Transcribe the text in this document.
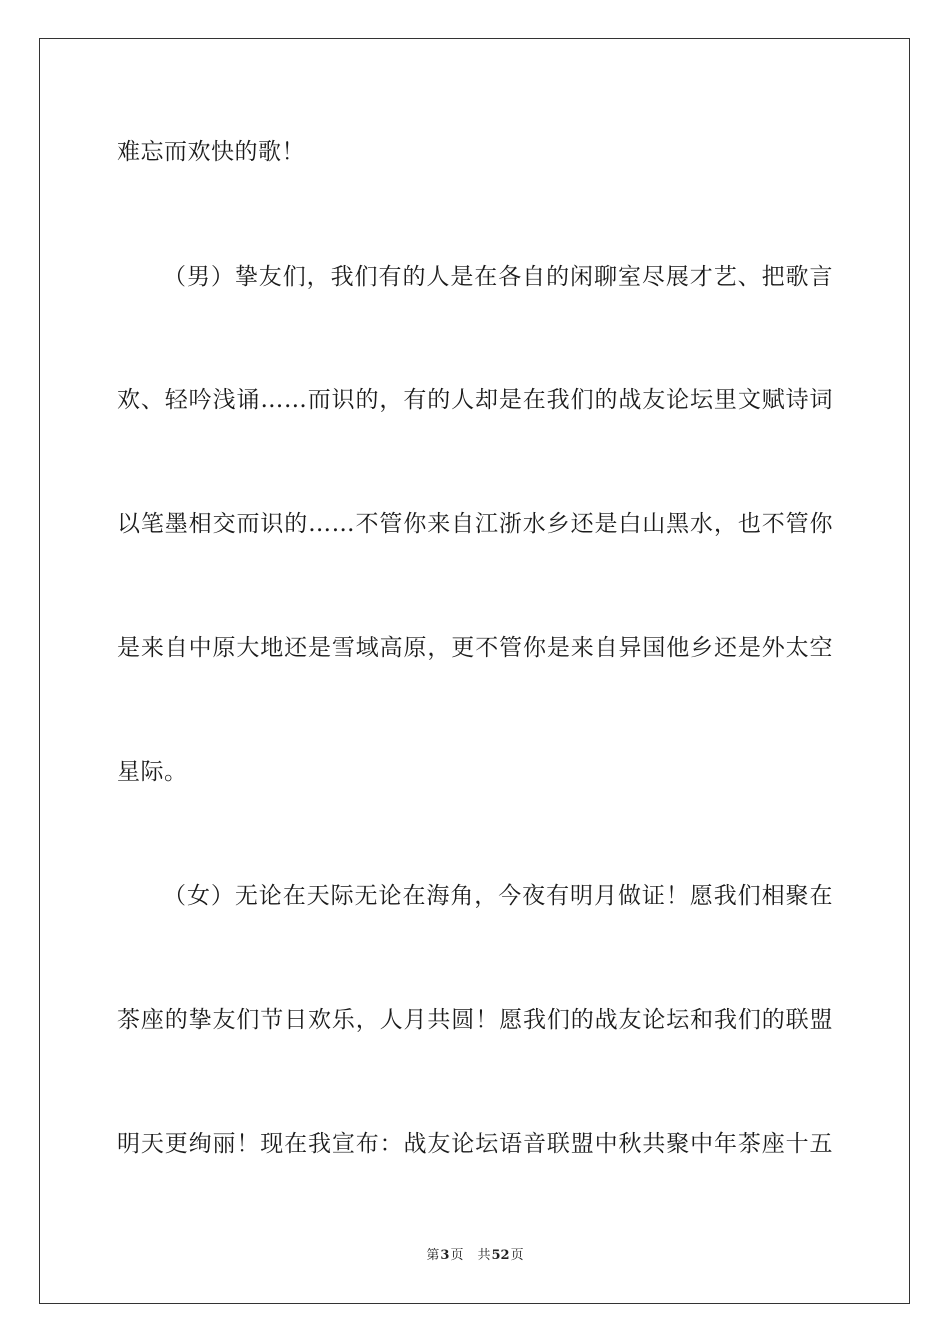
难忘而欢快的歌！
（男）挚友们，我们有的人是在各自的闲聊室尽展才艺、把歌言
欢、轻吟浅诵……而识的，有的人却是在我们的战友论坛里文赋诗词
以笔墨相交而识的……不管你来自江浙水乡还是白山黑水，也不管你
是来自中原大地还是雪域高原，更不管你是来自异国他乡还是外太空
星际。
（女）无论在天际无论在海角，今夜有明月做证！愿我们相聚在
茶座的挚友们节日欢乐，人月共圆！愿我们的战友论坛和我们的联盟
明天更绚丽！现在我宣布：战友论坛语音联盟中秋共聚中年茶座十五
第3页 共52页
